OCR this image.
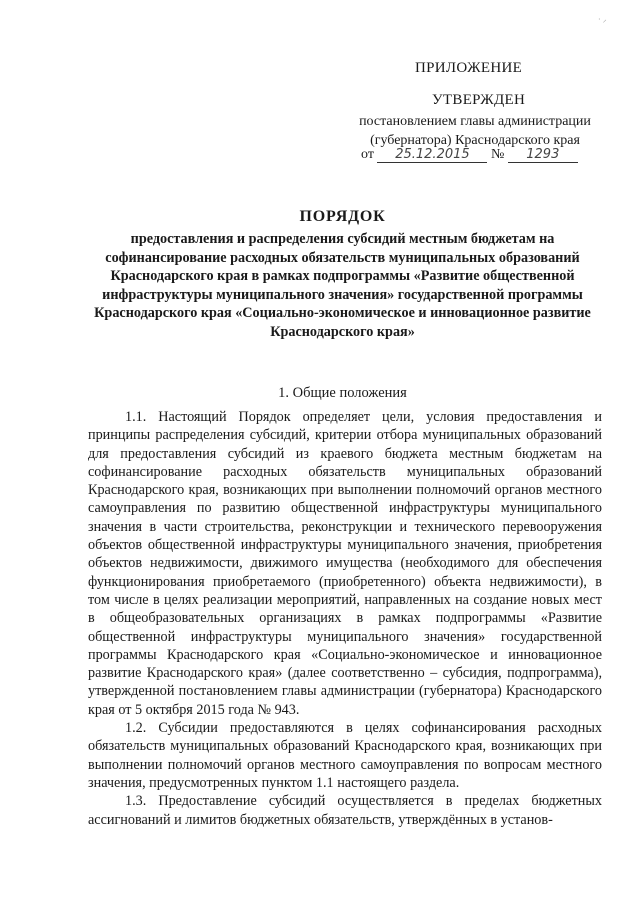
· ⸝
ПРИЛОЖЕНИЕ
УТВЕРЖДЕН
постановлением главы администрации (губернатора) Краснодарского края
от 25.12.2015 № 1293
ПОРЯДОК
предоставления и распределения субсидий местным бюджетам на софинансирование расходных обязательств муниципальных образований Краснодарского края в рамках подпрограммы «Развитие общественной инфраструктуры муниципального значения» государственной программы Краснодарского края «Социально-экономическое и инновационное развитие Краснодарского края»
1. Общие положения

1.1. Настоящий Порядок определяет цели, условия предоставления и принципы распределения субсидий, критерии отбора муниципальных образований для предоставления субсидий из краевого бюджета местным бюджетам на софинансирование расходных обязательств муниципальных образований Краснодарского края, возникающих при выполнении полномочий органов местного самоуправления по развитию общественной инфраструктуры муниципального значения в части строительства, реконструкции и технического перевооружения объектов общественной инфраструктуры муниципального значения, приобретения объектов недвижимости, движимого имущества (необходимого для обеспечения функционирования приобретаемого (приобретенного) объекта недвижимости), в том числе в целях реализации мероприятий, направленных на создание новых мест в общеобразовательных организациях в рамках подпрограммы «Развитие общественной инфраструктуры муниципального значения» государственной программы Краснодарского края «Социально-экономическое и инновационное развитие Краснодарского края» (далее соответственно – субсидия, подпрограмма), утвержденной постановлением главы администрации (губернатора) Краснодарского края от 5 октября 2015 года № 943.

1.2. Субсидии предоставляются в целях софинансирования расходных обязательств муниципальных образований Краснодарского края, возникающих при выполнении полномочий органов местного самоуправления по вопросам местного значения, предусмотренных пунктом 1.1 настоящего раздела.

1.3. Предоставление субсидий осуществляется в пределах бюджетных ассигнований и лимитов бюджетных обязательств, утверждённых в установ-
